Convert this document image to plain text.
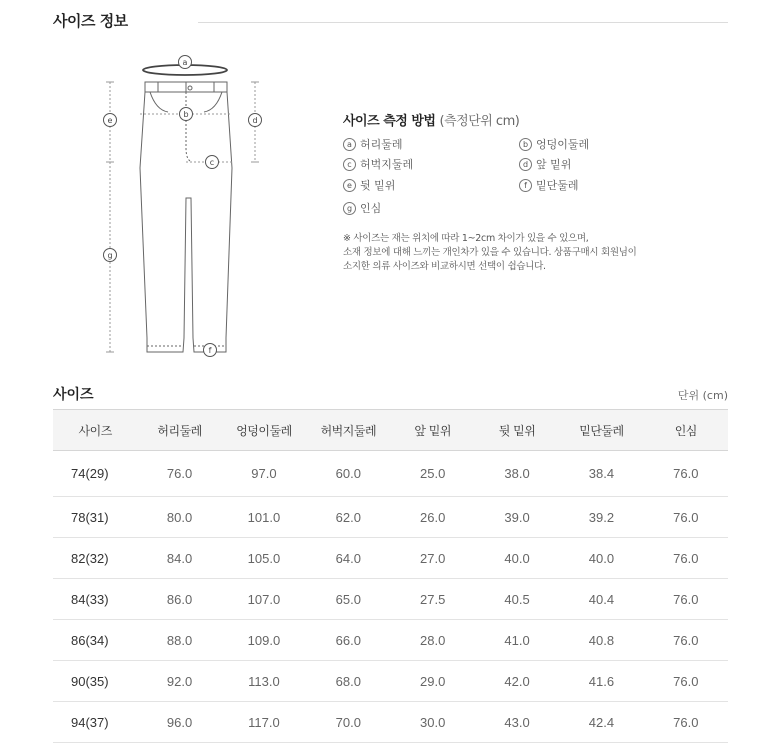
사이즈 정보
a
b
c
d
e
f
g
사이즈 측정 방법 (측정단위 cm)
a 허리둘레	b 엉덩이둘레
c 허벅지둘레	d 앞 밑위
e 뒷 밑위	f 밑단둘레
g 인심

※ 사이즈는 재는 위치에 따라 1~2cm 차이가 있을 수 있으며,

소재 정보에 대해 느끼는 개인차가 있을 수 있습니다. 상품구매시 회원님이

소지한 의류 사이즈와 비교하시면 선택이 쉽습니다.

사이즈	단위 (cm)
사이즈	허리둘레	엉덩이둘레	허벅지둘레	앞 밑위	뒷 밑위	밑단둘레	인심
74(29)	76.0	97.0	60.0	25.0	38.0	38.4	76.0
78(31)	80.0	101.0	62.0	26.0	39.0	39.2	76.0
82(32)	84.0	105.0	64.0	27.0	40.0	40.0	76.0
84(33)	86.0	107.0	65.0	27.5	40.5	40.4	76.0
86(34)	88.0	109.0	66.0	28.0	41.0	40.8	76.0
90(35)	92.0	113.0	68.0	29.0	42.0	41.6	76.0
94(37)	96.0	117.0	70.0	30.0	43.0	42.4	76.0
